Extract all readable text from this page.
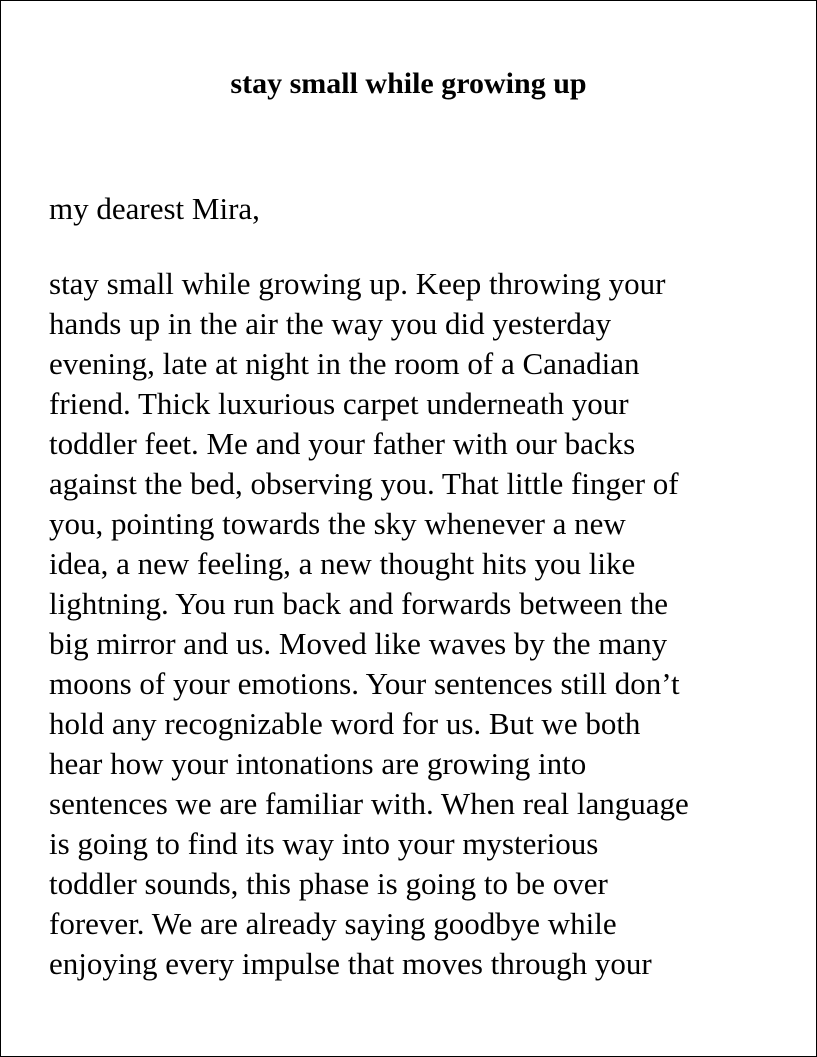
stay small while growing up

my dearest Mira,

stay small while growing up. Keep throwing your
hands up in the air the way you did yesterday
evening, late at night in the room of a Canadian
friend. Thick luxurious carpet underneath your
toddler feet. Me and your father with our backs
against the bed, observing you. That little finger of
you, pointing towards the sky whenever a new
idea, a new feeling, a new thought hits you like
lightning. You run back and forwards between the
big mirror and us. Moved like waves by the many
moons of your emotions. Your sentences still don’t
hold any recognizable word for us. But we both
hear how your intonations are growing into
sentences we are familiar with. When real language
is going to find its way into your mysterious
toddler sounds, this phase is going to be over
forever. We are already saying goodbye while
enjoying every impulse that moves through your
